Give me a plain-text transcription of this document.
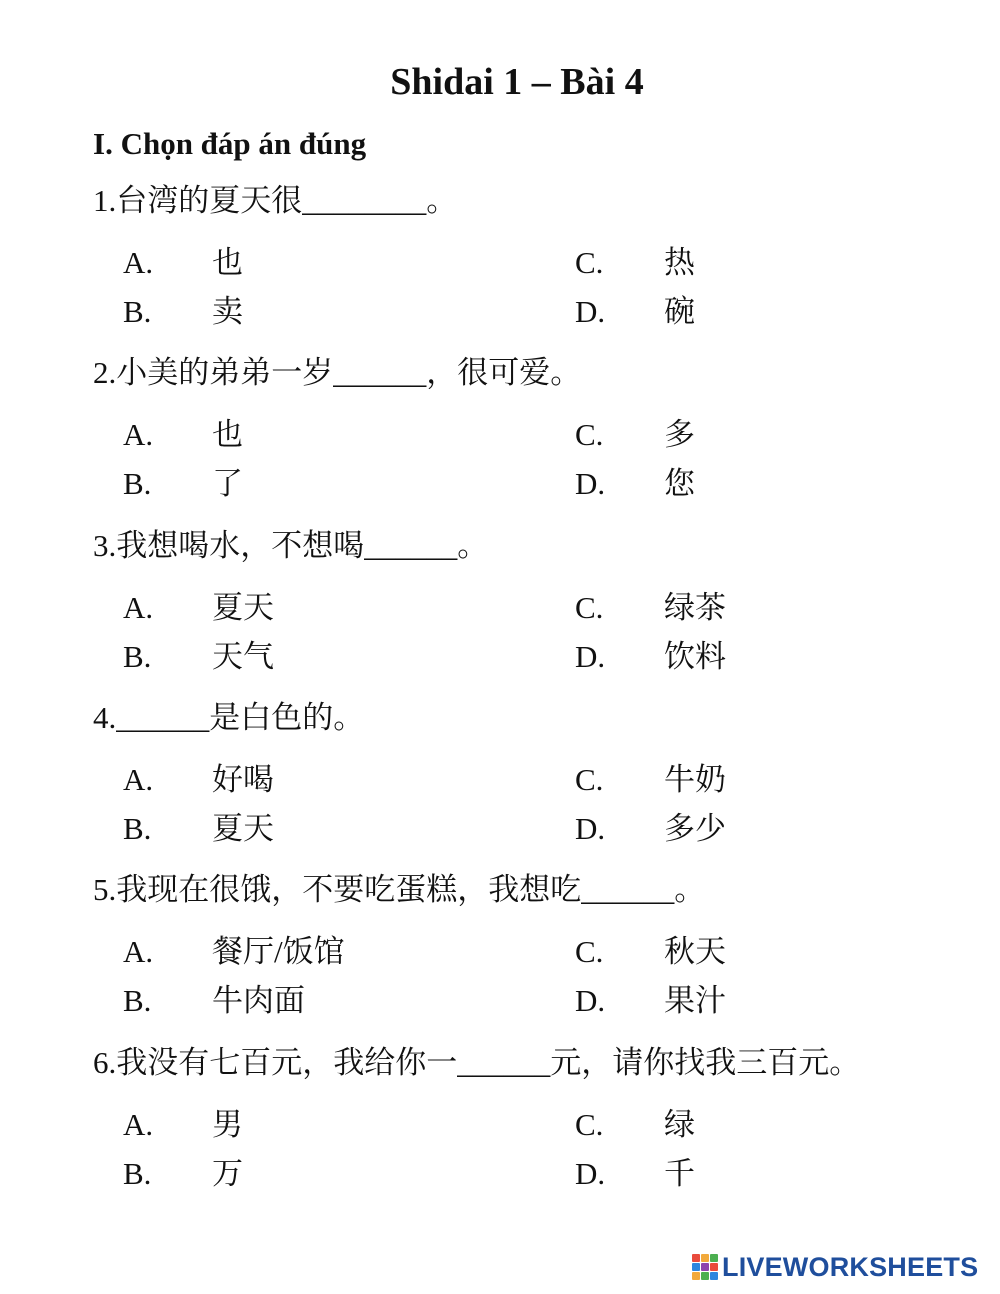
Shidai 1 – Bài 4
I. Chọn đáp án đúng
1.台湾的夏天很________。
A. 也
B. 卖
C. 热
D. 碗
2.小美的弟弟一岁______，很可爱。
A. 也
B. 了
C. 多
D. 您
3.我想喝水，不想喝______。
A. 夏天
B. 天气
C. 绿茶
D. 饮料
4.______是白色的。
A. 好喝
B. 夏天
C. 牛奶
D. 多少
5.我现在很饿，不要吃蛋糕，我想吃______。
A. 餐厅/饭馆
B. 牛肉面
C. 秋天
D. 果汁
6.我没有七百元，我给你一______元，请你找我三百元。
A. 男
B. 万
C. 绿
D. 千
LIVEWORKSHEETS
